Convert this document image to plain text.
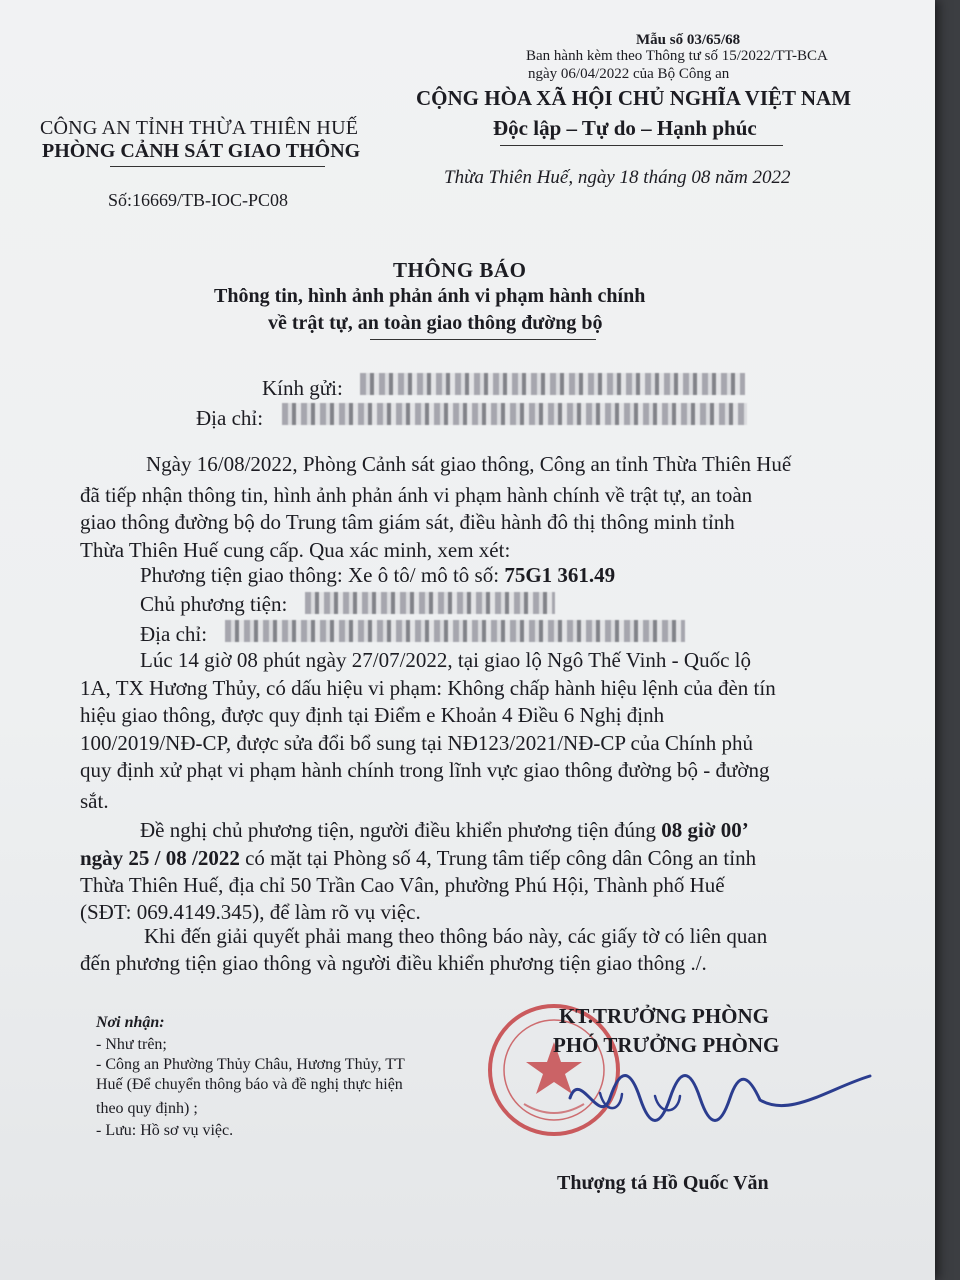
Mẫu số 03/65/68
Ban hành kèm theo Thông tư số 15/2022/TT-BCA
ngày 06/04/2022 của Bộ Công an
CÔNG AN TỈNH THỪA THIÊN HUẾ
PHÒNG CẢNH SÁT GIAO THÔNG
Số:16669/TB-IOC-PC08
CỘNG HÒA XÃ HỘI CHỦ NGHĨA VIỆT NAM
Độc lập – Tự do – Hạnh phúc
Thừa Thiên Huế, ngày 18 tháng 08 năm 2022
THÔNG BÁO
Thông tin, hình ảnh phản ánh vi phạm hành chính
về trật tự, an toàn giao thông đường bộ
Kính gửi:
Địa chỉ:
Ngày 16/08/2022, Phòng Cảnh sát giao thông, Công an tỉnh Thừa Thiên Huế
đã tiếp nhận thông tin, hình ảnh phản ánh vi phạm hành chính về trật tự, an toàn
giao thông đường bộ do Trung tâm giám sát, điều hành đô thị thông minh tỉnh
Thừa Thiên Huế cung cấp. Qua xác minh, xem xét:
Phương tiện giao thông: Xe ô tô/ mô tô số: 75G1 361.49
Chủ phương tiện:
Địa chỉ:
Lúc 14 giờ 08 phút ngày 27/07/2022, tại giao lộ Ngô Thế Vinh - Quốc lộ
1A, TX Hương Thủy, có dấu hiệu vi phạm: Không chấp hành hiệu lệnh của đèn tín
hiệu giao thông, được quy định tại Điểm e Khoản 4 Điều 6 Nghị định
100/2019/NĐ-CP, được sửa đổi bổ sung tại NĐ123/2021/NĐ-CP của Chính phủ
quy định xử phạt vi phạm hành chính trong lĩnh vực giao thông đường bộ - đường
sắt.
Đề nghị chủ phương tiện, người điều khiển phương tiện đúng 08 giờ 00’
ngày 25 / 08 /2022 có mặt tại Phòng số 4, Trung tâm tiếp công dân Công an tỉnh
Thừa Thiên Huế, địa chỉ 50 Trần Cao Vân, phường Phú Hội, Thành phố Huế
(SĐT: 069.4149.345), để làm rõ vụ việc.
Khi đến giải quyết phải mang theo thông báo này, các giấy tờ có liên quan
đến phương tiện giao thông và người điều khiển phương tiện giao thông ./.
Nơi nhận:
- Như trên;
- Công an Phường Thủy Châu, Hương Thủy, TT
Huế (Để chuyển thông báo và đề nghị thực hiện
theo quy định) ;
- Lưu: Hồ sơ vụ việc.
KT.TRƯỞNG PHÒNG
PHÓ TRƯỞNG PHÒNG
Thượng tá Hồ Quốc Văn
